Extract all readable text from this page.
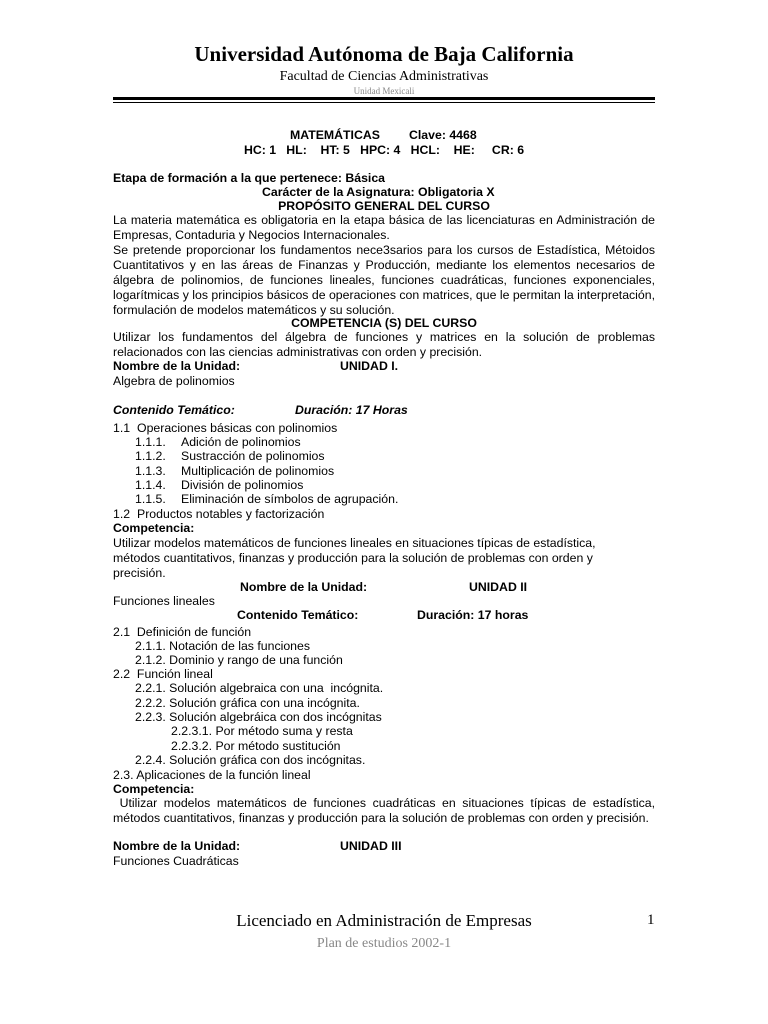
Universidad Autónoma de Baja California
Facultad de Ciencias Administrativas
Unidad Mexicali
MATEMÁTICAS Clave: 4468
HC: 1   HL:    HT: 5   HPC: 4   HCL:    HE:     CR: 6
Etapa de formación a la que pertenece: Básica
Carácter de la Asignatura: Obligatoria X
PROPÓSITO GENERAL DEL CURSO
La materia matemática es obligatoria en la etapa básica de las licenciaturas en Administración de Empresas, Contaduria y Negocios Internacionales.
Se pretende proporcionar los fundamentos nece3sarios para los cursos de Estadística, Métoidos Cuantitativos y en las áreas de Finanzas y Producción, mediante los elementos necesarios de álgebra de polinomios, de funciones lineales, funciones cuadráticas, funciones exponenciales, logarítmicas y los principios básicos de operaciones con matrices, que le permitan la interpretación, formulación de modelos matemáticos y su solución.
COMPETENCIA (S) DEL CURSO
Utilizar los fundamentos del álgebra de funciones y matrices en la solución de problemas relacionados con las ciencias administrativas con orden y precisión.
Nombre de la Unidad:	UNIDAD I.
Algebra de polinomios
Contenido Temático:	Duración: 17 Horas
1.1 Operaciones básicas con polinomios
1.1.1. Adición de polinomios
1.1.2. Sustracción de polinomios
1.1.3. Multiplicación de polinomios
1.1.4. División de polinomios
1.1.5. Eliminación de símbolos de agrupación.
1.2 Productos notables y factorización
Competencia:
Utilizar modelos matemáticos de funciones lineales en situaciones típicas de estadística, métodos cuantitativos, finanzas y producción para la solución de problemas con orden y precisión.
Nombre de la Unidad:	UNIDAD II
Funciones lineales
Contenido Temático:	Duración: 17 horas
2.1  Definición de función
2.1.1. Notación de las funciones
2.1.2. Dominio y rango de una función
2.2  Función lineal
2.2.1. Solución algebraica con una  incógnita.
2.2.2. Solución gráfica con una incógnita.
2.2.3. Solución algebráica con dos incógnitas
2.2.3.1. Por método suma y resta
2.2.3.2. Por método sustitución
2.2.4. Solución gráfica con dos incógnitas.
2.3. Aplicaciones de la función lineal
Competencia:
Utilizar modelos matemáticos de funciones cuadráticas en situaciones típicas de estadística, métodos cuantitativos, finanzas y producción para la solución de problemas con orden y precisión.
Nombre de la Unidad:	UNIDAD III
Funciones Cuadráticas
Licenciado en Administración de Empresas	1
Plan de estudios 2002-1
